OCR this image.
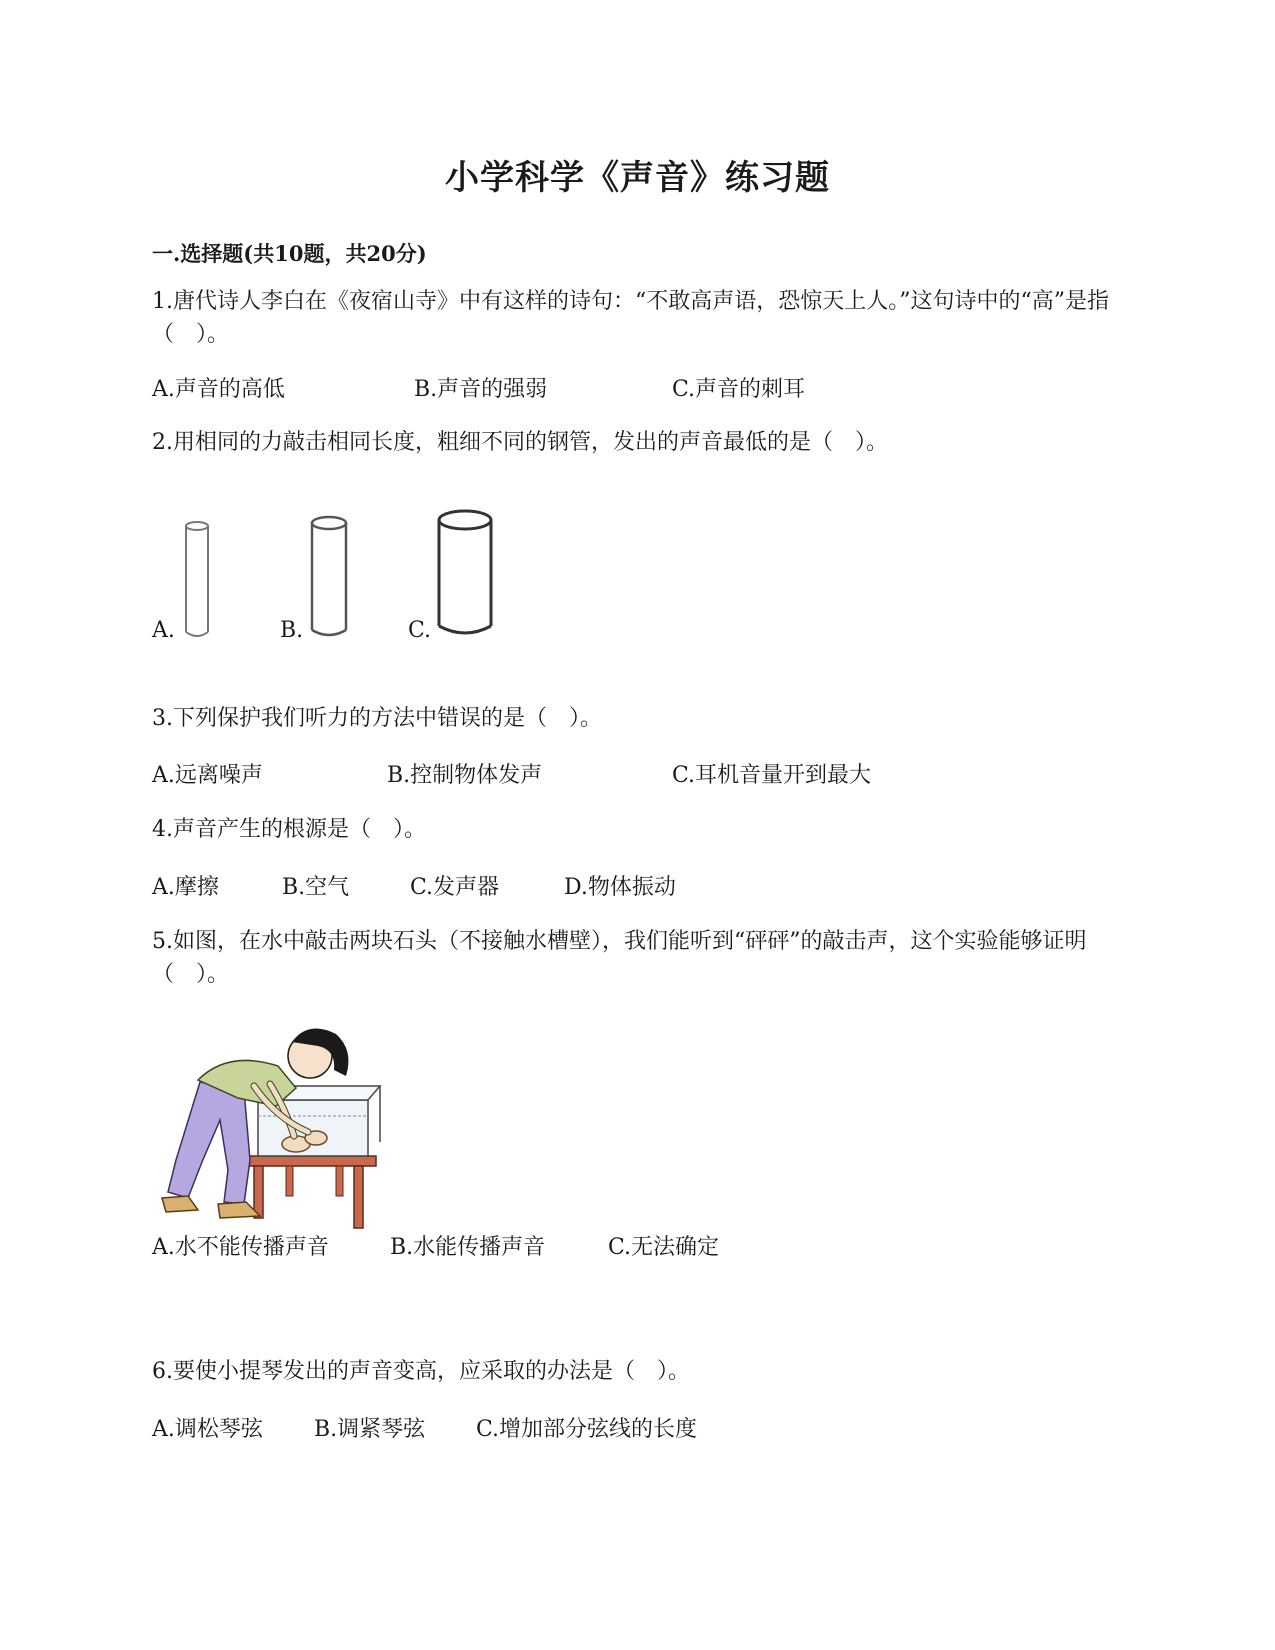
小学科学《声音》练习题
一.选择题(共10题，共20分)
1.唐代诗人李白在《夜宿山寺》中有这样的诗句：“不敢高声语，恐惊天上人。”这句诗中的“高”是指（　）。
A.声音的高低	B.声音的强弱	C.声音的刺耳
2.用相同的力敲击相同长度，粗细不同的钢管，发出的声音最低的是（　）。
A.	B.	C.
3.下列保护我们听力的方法中错误的是（　）。
A.远离噪声	B.控制物体发声	C.耳机音量开到最大
4.声音产生的根源是（　）。
A.摩擦	B.空气	C.发声器	D.物体振动
5.如图，在水中敲击两块石头（不接触水槽壁），我们能听到“砰砰”的敲击声，这个实验能够证明（　）。
A.水不能传播声音	B.水能传播声音	C.无法确定
6.要使小提琴发出的声音变高，应采取的办法是（　）。
A.调松琴弦 B.调紧琴弦 C.增加部分弦线的长度
